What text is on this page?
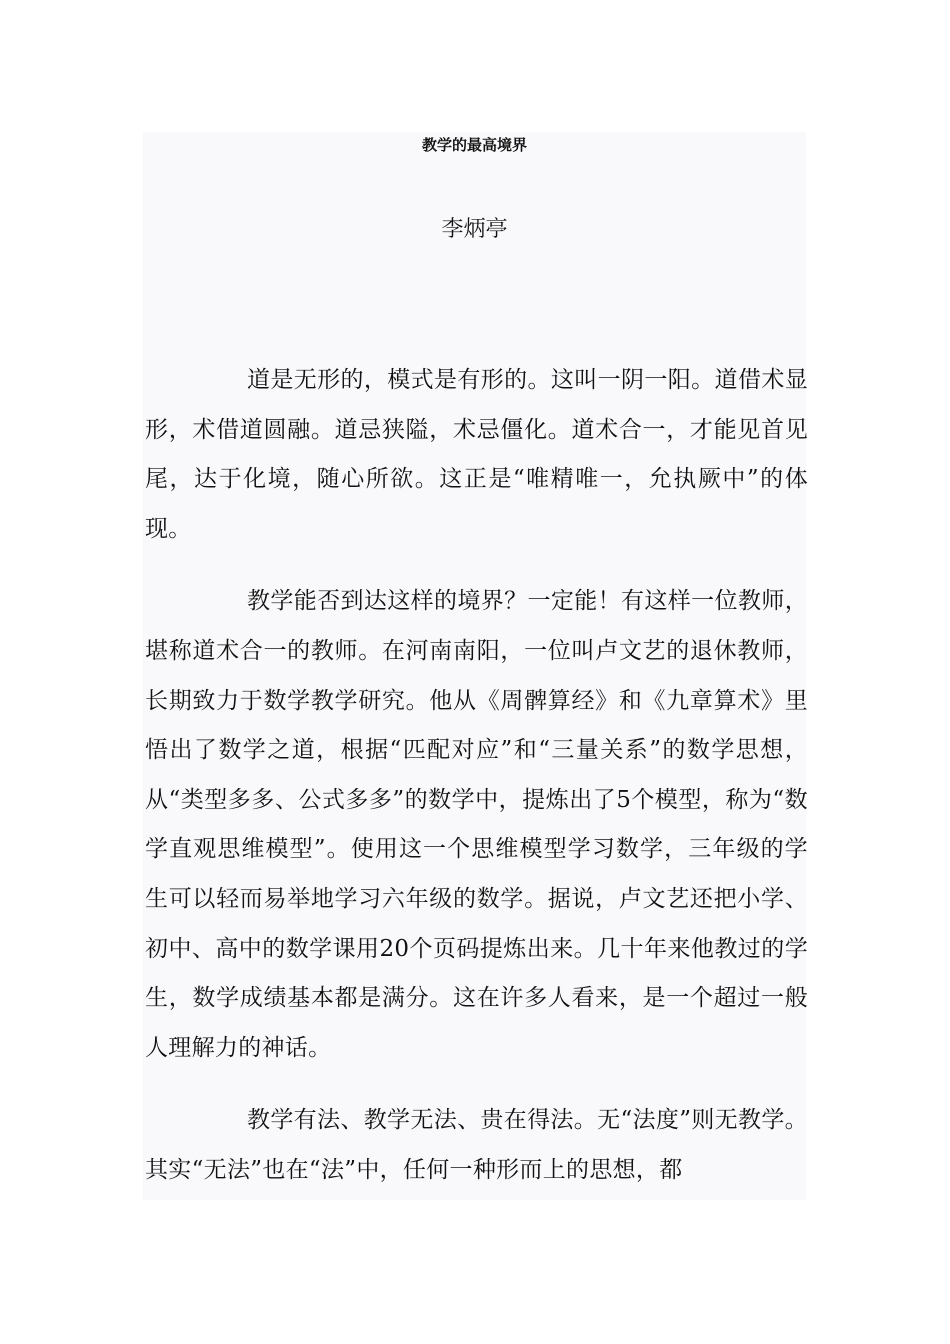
教学的最高境界
李炳亭

道是无形的，模式是有形的。这叫一阴一阳。道借术显形，术借道圆融。道忌狭隘，术忌僵化。道术合一，才能见首见尾，达于化境，随心所欲。这正是“唯精唯一，允执厥中”的体现。

教学能否到达这样的境界？一定能！有这样一位教师，堪称道术合一的教师。在河南南阳，一位叫卢文艺的退休教师，长期致力于数学教学研究。他从《周髀算经》和《九章算术》里悟出了数学之道，根据“匹配对应”和“三量关系”的数学思想，从“类型多多、公式多多”的数学中，提炼出了5个模型，称为“数学直观思维模型”。使用这一个思维模型学习数学，三年级的学生可以轻而易举地学习六年级的数学。据说，卢文艺还把小学、初中、高中的数学课用20个页码提炼出来。几十年来他教过的学生，数学成绩基本都是满分。这在许多人看来，是一个超过一般人理解力的神话。

教学有法、教学无法、贵在得法。无“法度”则无教学。其实“无法”也在“法”中，任何一种形而上的思想，都
